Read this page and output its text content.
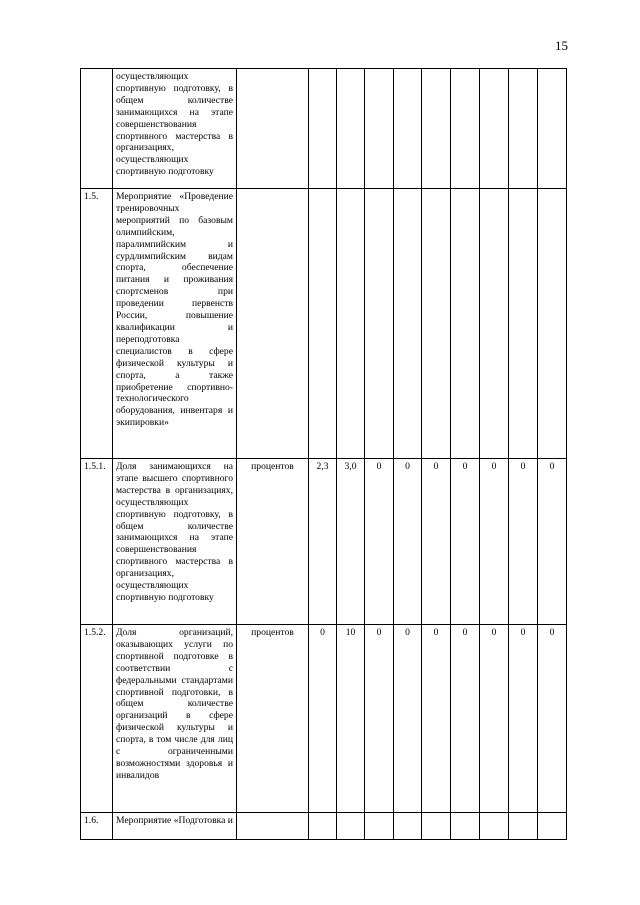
15
	осуществляющих спортивную подготовку, в общем количестве занимающихся на этапе совершенствования спортивного мастерства в организациях, осуществляющих спортивную подготовку										
1.5.	Мероприятие «Проведение тренировочных мероприятий по базовым олимпийским, паралимпийским и сурдлимпийским видам спорта, обеспечение питания и проживания спортсменов при проведении первенств России, повышение квалификации и переподготовка специалистов в сфере физической культуры и спорта, а также приобретение спортивно-технологического оборудования, инвентаря и экипировки»										
1.5.1.	Доля занимающихся на этапе высшего спортивного мастерства в организациях, осуществляющих спортивную подготовку, в общем количестве занимающихся на этапе совершенствования спортивного мастерства в организациях, осуществляющих спортивную подготовку	процентов	2,3	3,0	0	0	0	0	0	0	0
1.5.2.	Доля организаций, оказывающих услуги по спортивной подготовке в соответствии с федеральными стандартами спортивной подготовки, в общем количестве организаций в сфере физической культуры и спорта, в том числе для лиц с ограниченными возможностями здоровья и инвалидов	процентов	0	10	0	0	0	0	0	0	0
1.6.	Мероприятие «Подготовка и										
